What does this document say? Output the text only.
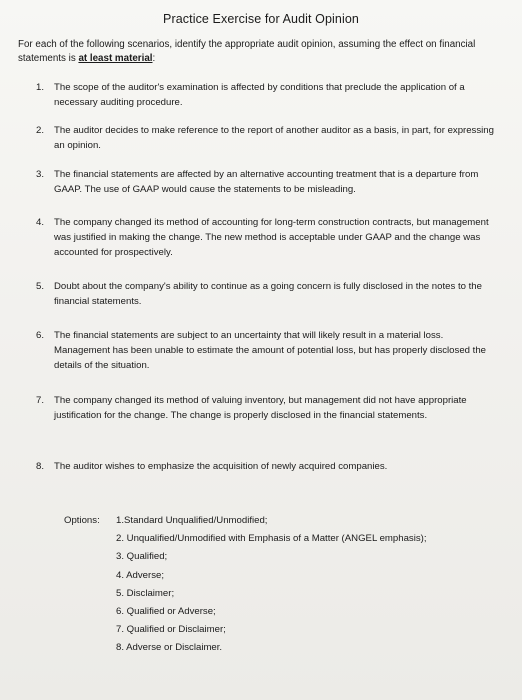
Practice Exercise for Audit Opinion
For each of the following scenarios, identify the appropriate audit opinion, assuming the effect on financial statements is at least material:
1.	The scope of the auditor's examination is affected by conditions that preclude the application of a necessary auditing procedure.
2.	The auditor decides to make reference to the report of another auditor as a basis, in part, for expressing an opinion.
3.	The financial statements are affected by an alternative accounting treatment that is a departure from GAAP. The use of GAAP would cause the statements to be misleading.
4.	The company changed its method of accounting for long-term construction contracts, but management was justified in making the change. The new method is acceptable under GAAP and the change was accounted for prospectively.
5.	Doubt about the company's ability to continue as a going concern is fully disclosed in the notes to the financial statements.
6.	The financial statements are subject to an uncertainty that will likely result in a material loss. Management has been unable to estimate the amount of potential loss, but has properly disclosed the details of the situation.
7.	The company changed its method of valuing inventory, but management did not have appropriate justification for the change. The change is properly disclosed in the financial statements.
8.	The auditor wishes to emphasize the acquisition of newly acquired companies.
Options: 1.Standard Unqualified/Unmodified;
2. Unqualified/Unmodified with Emphasis of a Matter (ANGEL emphasis);
3. Qualified;
4. Adverse;
5. Disclaimer;
6. Qualified or Adverse;
7. Qualified or Disclaimer;
8. Adverse or Disclaimer.
